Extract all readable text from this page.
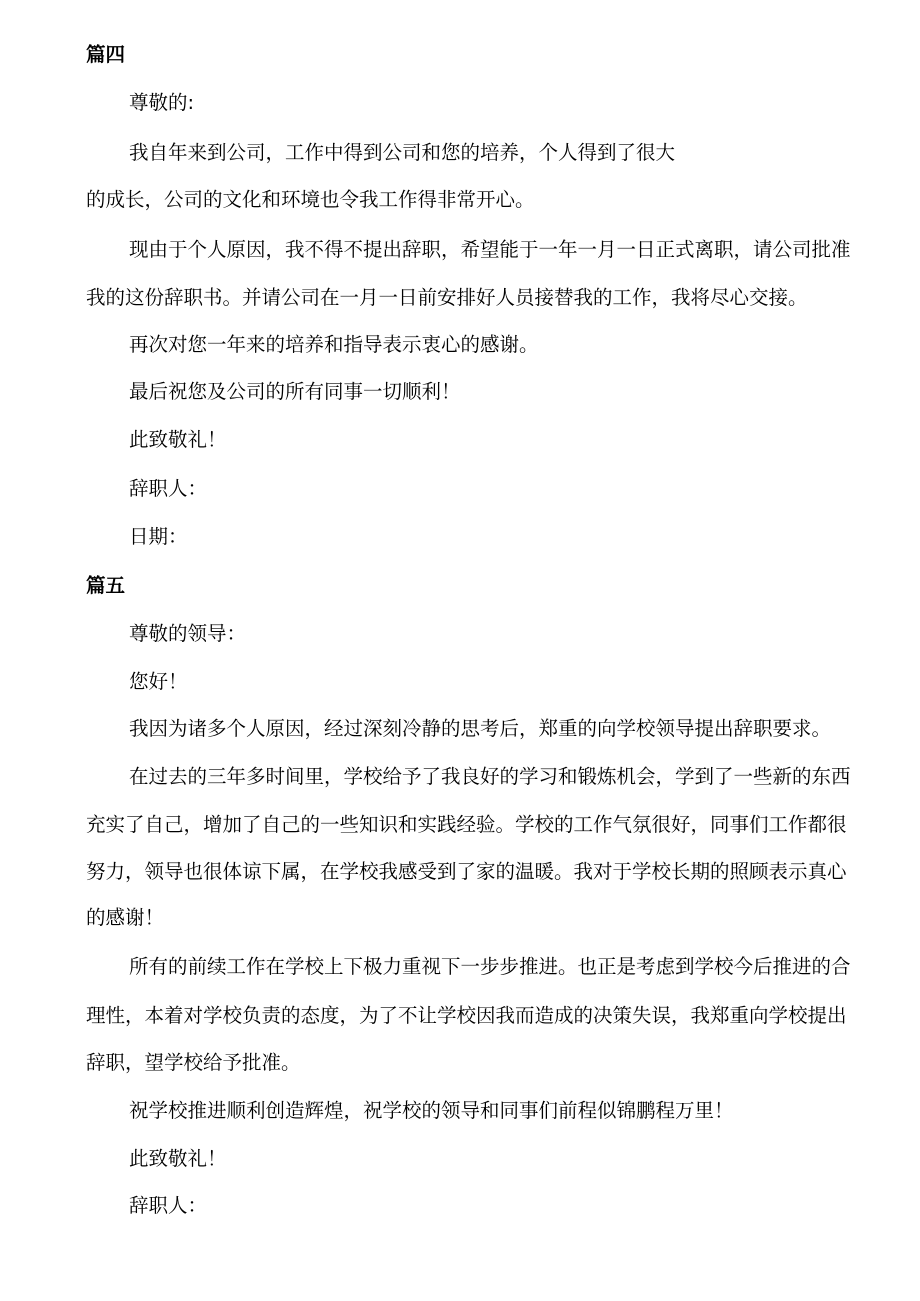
篇四
尊敬的:
我自年来到公司，工作中得到公司和您的培养，个人得到了很大
的成长，公司的文化和环境也令我工作得非常开心。
现由于个人原因，我不得不提出辞职，希望能于一年一月一日正式离职，请公司批准
我的这份辞职书。并请公司在一月一日前安排好人员接替我的工作，我将尽心交接。
再次对您一年来的培养和指导表示衷心的感谢。
最后祝您及公司的所有同事一切顺利！
此致敬礼！
辞职人：
日期：
篇五
尊敬的领导：
您好！
我因为诸多个人原因，经过深刻冷静的思考后，郑重的向学校领导提出辞职要求。
在过去的三年多时间里，学校给予了我良好的学习和锻炼机会，学到了一些新的东西
充实了自己，增加了自己的一些知识和实践经验。学校的工作气氛很好，同事们工作都很
努力，领导也很体谅下属，在学校我感受到了家的温暖。我对于学校长期的照顾表示真心
的感谢！
所有的前续工作在学校上下极力重视下一步步推进。也正是考虑到学校今后推进的合
理性，本着对学校负责的态度，为了不让学校因我而造成的决策失误，我郑重向学校提出
辞职，望学校给予批准。
祝学校推进顺利创造辉煌，祝学校的领导和同事们前程似锦鹏程万里！
此致敬礼！
辞职人：
